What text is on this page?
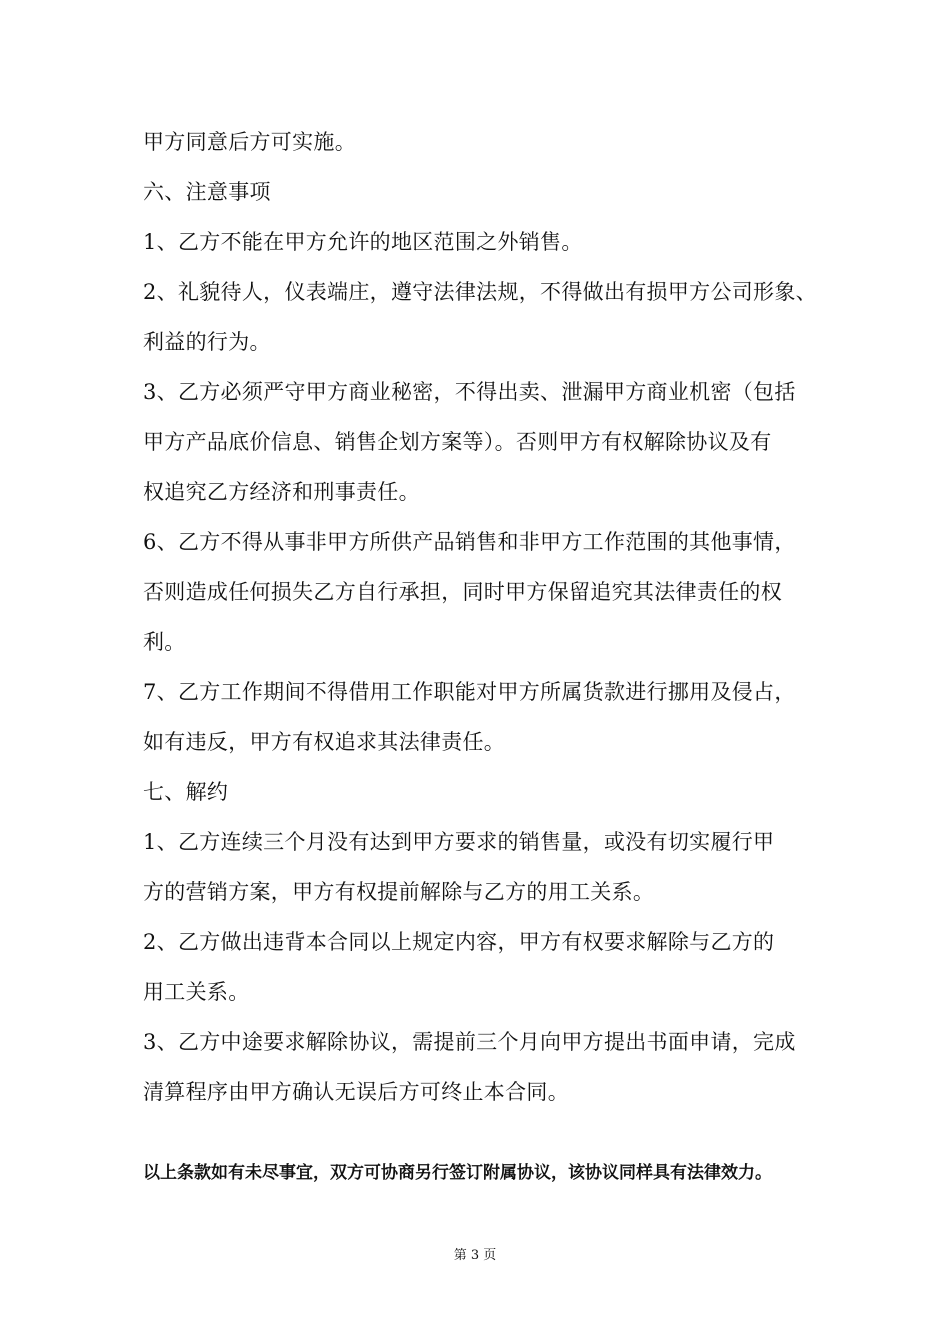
甲方同意后方可实施。
六、注意事项
1、乙方不能在甲方允许的地区范围之外销售。
2、礼貌待人，仪表端庄，遵守法律法规，不得做出有损甲方公司形象、
利益的行为。
3、乙方必须严守甲方商业秘密，不得出卖、泄漏甲方商业机密（包括
甲方产品底价信息、销售企划方案等）。否则甲方有权解除协议及有
权追究乙方经济和刑事责任。
6、乙方不得从事非甲方所供产品销售和非甲方工作范围的其他事情，
否则造成任何损失乙方自行承担，同时甲方保留追究其法律责任的权
利。
7、乙方工作期间不得借用工作职能对甲方所属货款进行挪用及侵占，
如有违反，甲方有权追求其法律责任。
七、解约
1、乙方连续三个月没有达到甲方要求的销售量，或没有切实履行甲
方的营销方案，甲方有权提前解除与乙方的用工关系。
2、乙方做出违背本合同以上规定内容，甲方有权要求解除与乙方的
用工关系。
3、乙方中途要求解除协议，需提前三个月向甲方提出书面申请，完成
清算程序由甲方确认无误后方可终止本合同。
以上条款如有未尽事宜，双方可协商另行签订附属协议，该协议同样具有法律效力。
第 3 页
